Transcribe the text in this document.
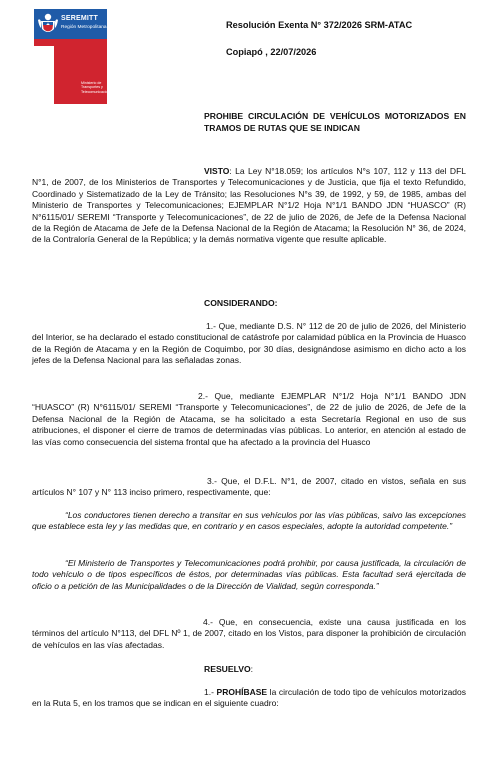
SEREMITT
Región Metropolitana
Ministerio de Transportes y Telecomunicaciones
Resolución Exenta N° 372/2026 SRM-ATAC
Copiapó , 22/07/2026
PROHIBE CIRCULACIÓN DE VEHÍCULOS MOTORIZADOS EN TRAMOS DE RUTAS QUE SE INDICAN
VISTO: La Ley N°18.059; los artículos N°s 107, 112 y 113 del DFL N°1, de 2007, de los Ministerios de Transportes y Telecomunicaciones y de Justicia, que fija el texto Refundido, Coordinado y Sistematizado de la Ley de Tránsito; las Resoluciones N°s 39, de 1992, y 59, de 1985, ambas del Ministerio de Transportes y Telecomunicaciones; EJEMPLAR N°1/2 Hoja N°1/1 BANDO JDN “HUASCO” (R) N°6115/01/ SEREMI “Transporte y Telecomunicaciones”, de 22 de julio de 2026, de Jefe de la Defensa Nacional de la Región de Atacama de Jefe de la Defensa Nacional de la Región de Atacama; la Resolución N° 36, de 2024, de la Contraloría General de la República; y la demás normativa vigente que resulte aplicable.
CONSIDERANDO:
1.- Que, mediante D.S. N° 112 de 20 de julio de 2026, del Ministerio del Interior, se ha declarado el estado constitucional de catástrofe por calamidad pública en la Provincia de Huasco de la Región de Atacama y en la Región de Coquimbo, por 30 días, designándose asimismo en dicho acto a los jefes de la Defensa Nacional para las señaladas zonas.
2.- Que, mediante EJEMPLAR N°1/2 Hoja N°1/1 BANDO JDN “HUASCO” (R) N°6115/01/ SEREMI “Transporte y Telecomunicaciones”, de 22 de julio de 2026, de Jefe de la Defensa Nacional de la Región de Atacama, se ha solicitado a esta Secretaría Regional en uso de sus atribuciones, el disponer el cierre de tramos de determinadas vías públicas. Lo anterior, en atención al estado de las vías como consecuencia del sistema frontal que ha afectado a la provincia del Huasco
3.- Que, el D.F.L. N°1, de 2007, citado en vistos, señala en sus artículos N° 107 y N° 113 inciso primero, respectivamente, que:
“Los conductores tienen derecho a transitar en sus vehículos por las vías públicas, salvo las excepciones que establece esta ley y las medidas que, en contrario y en casos especiales, adopte la autoridad competente.”
“El Ministerio de Transportes y Telecomunicaciones podrá prohibir, por causa justificada, la circulación de todo vehículo o de tipos específicos de éstos, por determinadas vías públicas. Esta facultad será ejercitada de oficio o a petición de las Municipalidades o de la Dirección de Vialidad, según corresponda.”
4.- Que, en consecuencia, existe una causa justificada en los términos del artículo N°113, del DFL Nº 1, de 2007, citado en los Vistos, para disponer la prohibición de circulación de vehículos en las vías afectadas.
RESUELVO:
1.- PROHÍBASE la circulación de todo tipo de vehículos motorizados en la Ruta 5, en los tramos que se indican en el siguiente cuadro:
